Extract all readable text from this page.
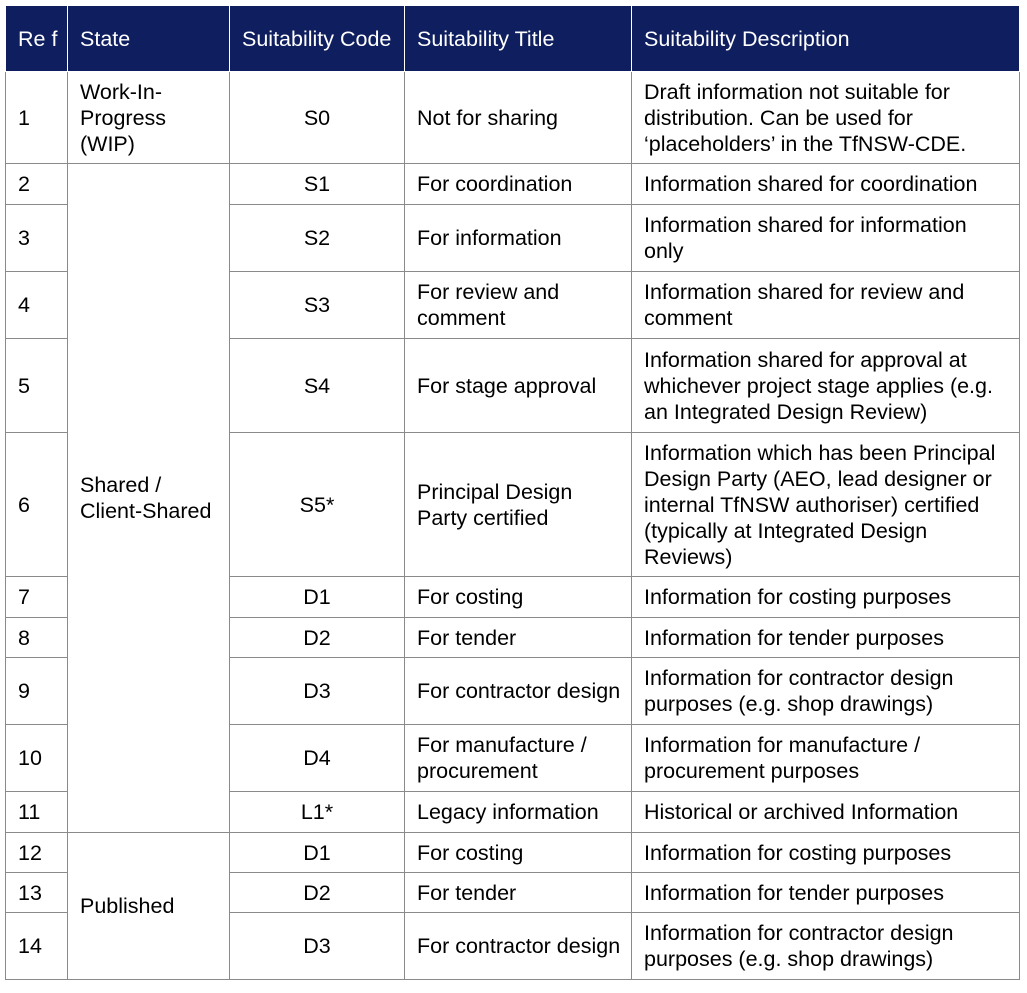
Re f	State	Suitability Code	Suitability Title	Suitability Description
1	Work-In-Progress (WIP)	S0	Not for sharing	Draft information not suitable for distribution. Can be used for ‘placeholders’ in the TfNSW-CDE.
2	Shared / Client-Shared	S1	For coordination	Information shared for coordination
3		S2	For information	Information shared for information only
4		S3	For review and comment	Information shared for review and comment
5		S4	For stage approval	Information shared for approval at whichever project stage applies (e.g. an Integrated Design Review)
6		S5*	Principal Design Party certified	Information which has been Principal Design Party (AEO, lead designer or internal TfNSW authoriser) certified (typically at Integrated Design Reviews)
7		D1	For costing	Information for costing purposes
8		D2	For tender	Information for tender purposes
9		D3	For contractor design	Information for contractor design purposes (e.g. shop drawings)
10		D4	For manufacture / procurement	Information for manufacture / procurement purposes
11		L1*	Legacy information	Historical or archived Information
12	Published	D1	For costing	Information for costing purposes
13		D2	For tender	Information for tender purposes
14		D3	For contractor design	Information for contractor design purposes (e.g. shop drawings)
